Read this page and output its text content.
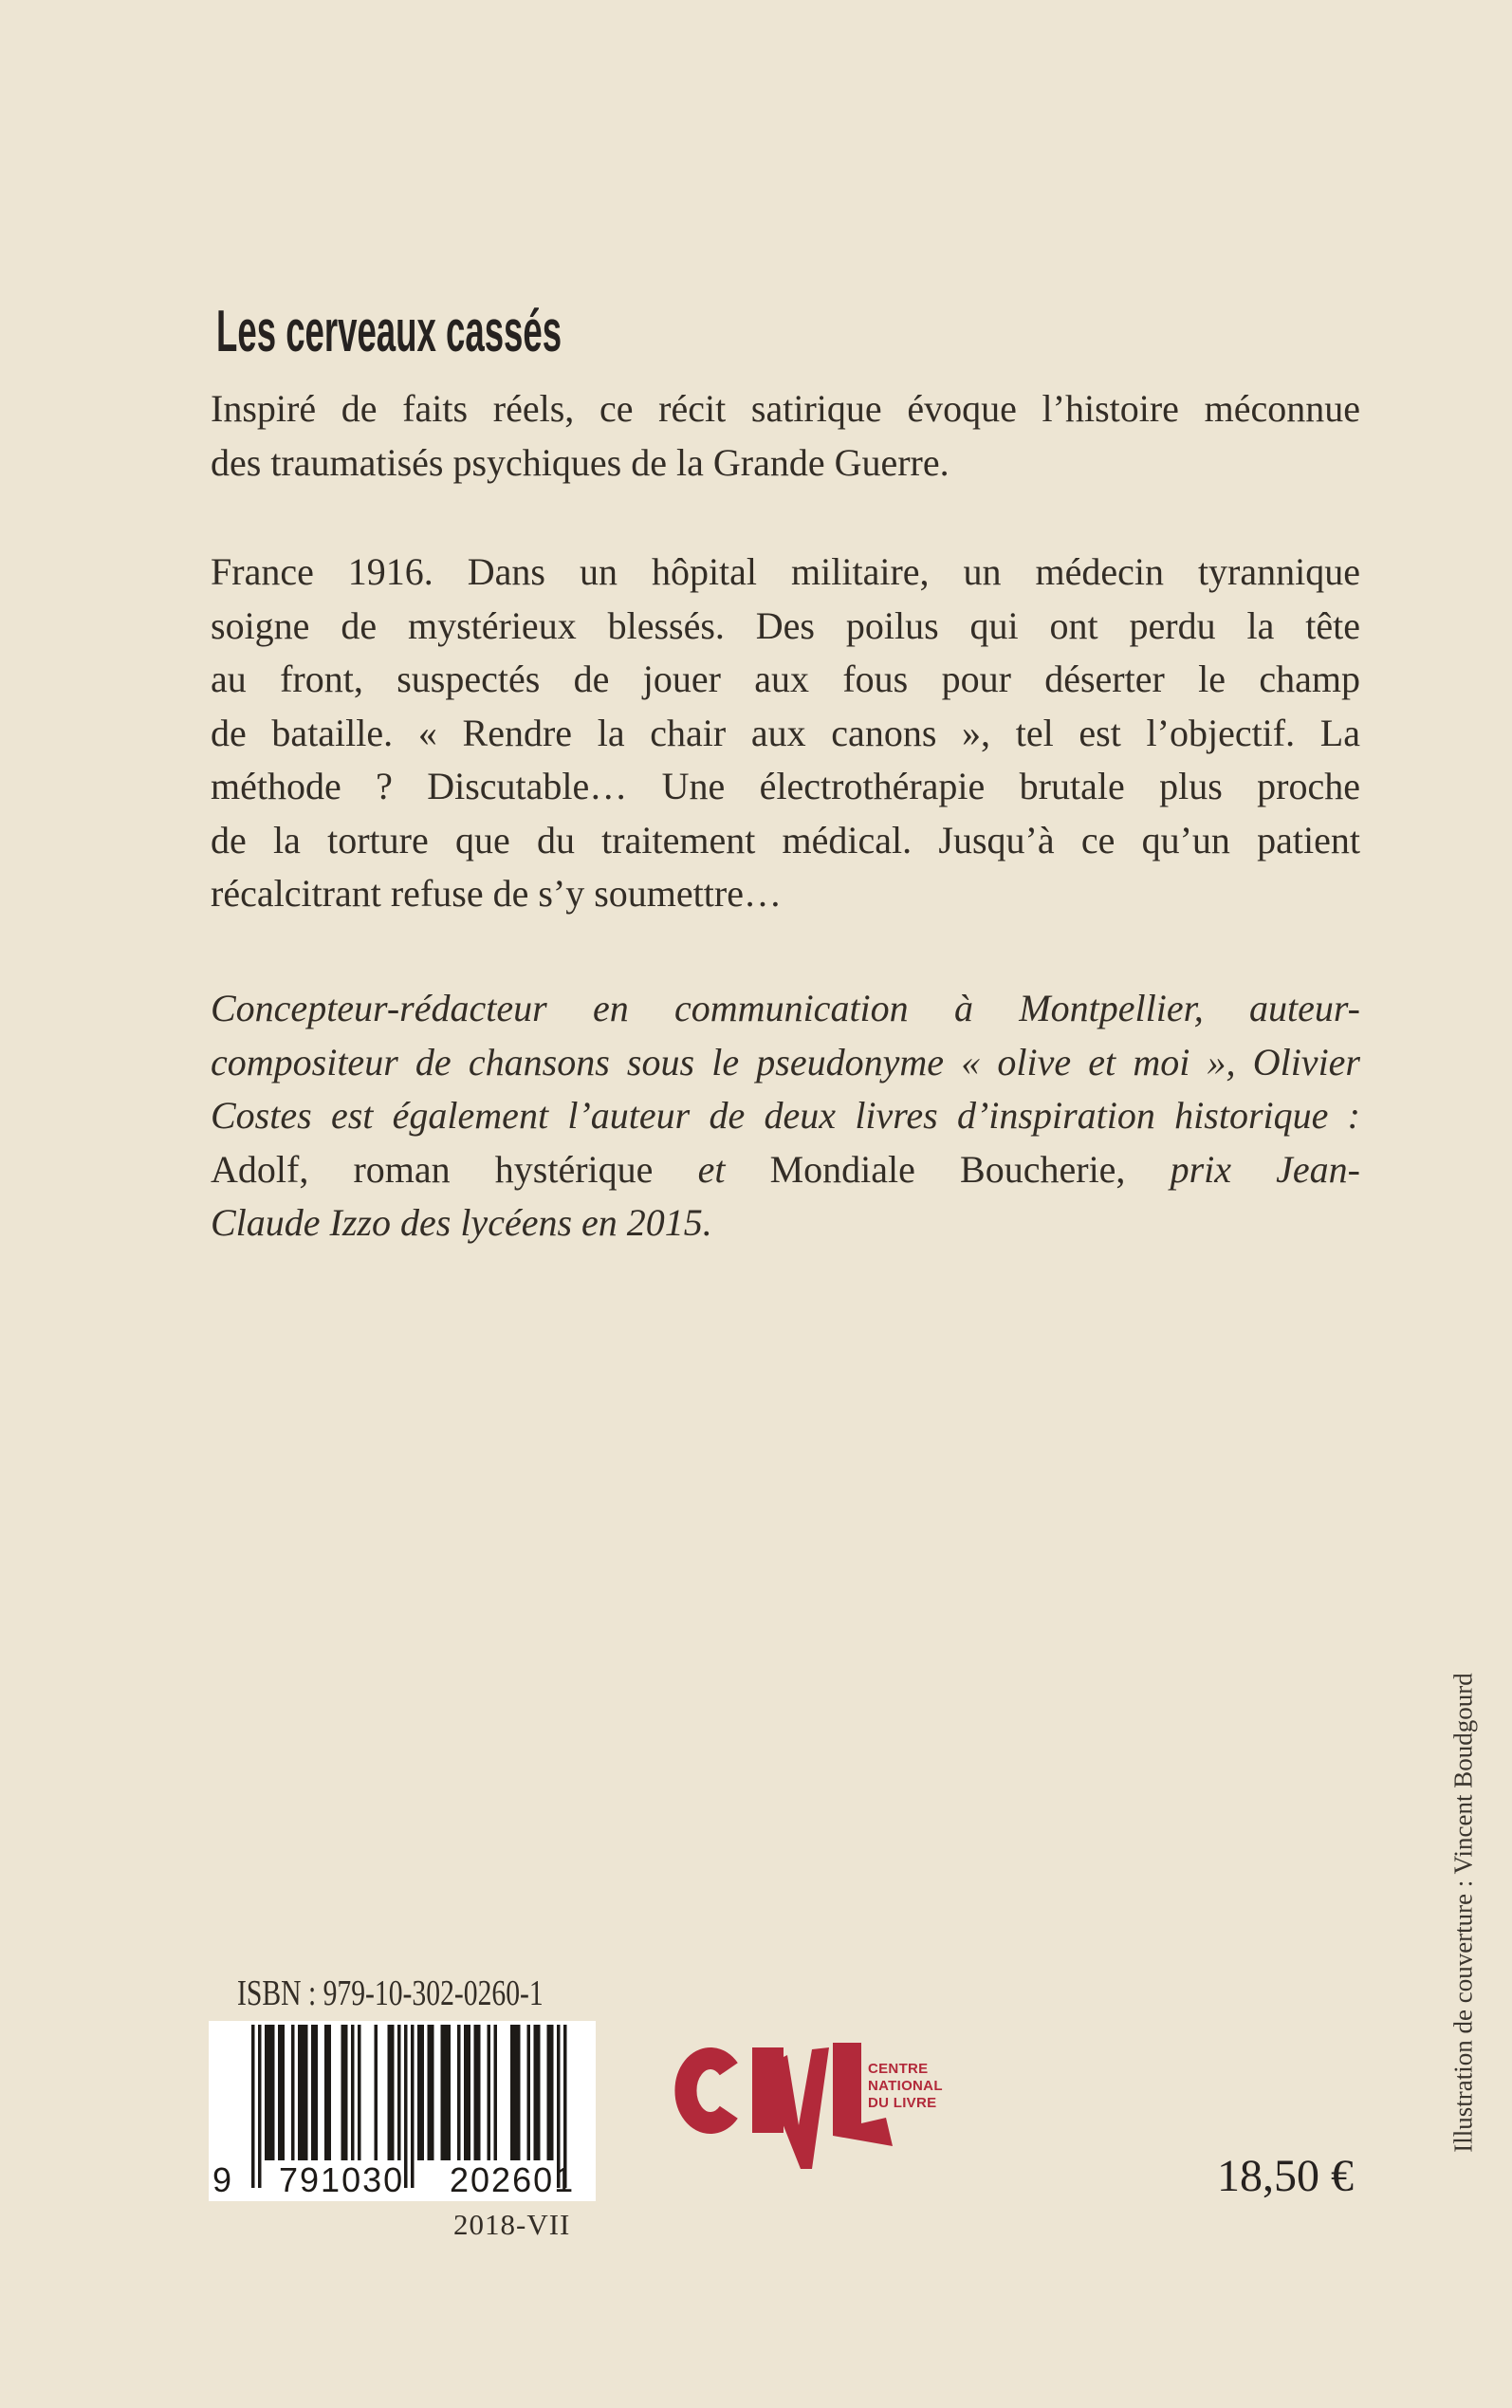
Les cerveaux cassés
Inspiré de faits réels, ce récit satirique évoque l’histoire méconnue
des traumatisés psychiques de la Grande Guerre.
France 1916. Dans un hôpital militaire, un médecin tyrannique
soigne de mystérieux blessés. Des poilus qui ont perdu la tête
au front, suspectés de jouer aux fous pour déserter le champ
de bataille. « Rendre la chair aux canons », tel est l’objectif. La
méthode ? Discutable… Une électrothérapie brutale plus proche
de la torture que du traitement médical. Jusqu’à ce qu’un patient
récalcitrant refuse de s’y soumettre…
Concepteur-rédacteur en communication à Montpellier, auteur-
compositeur de chansons sous le pseudonyme « olive et moi », Olivier
Costes est également l’auteur de deux livres d’inspiration historique :
Adolf, roman hystérique et Mondiale Boucherie, prix Jean-
Claude Izzo des lycéens en 2015.
ISBN : 979-10-302-0260-1
9 791030 202601
CENTRE
NATIONAL
DU LIVRE
18,50 €
2018-VII
Illustration de couverture : Vincent Boudgourd
